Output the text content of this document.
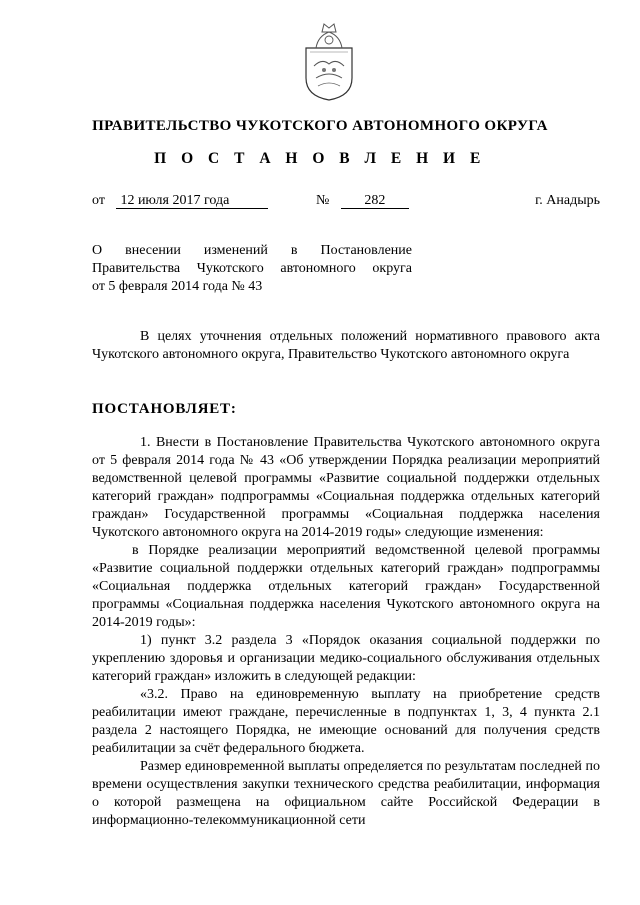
ПРАВИТЕЛЬСТВО ЧУКОТСКОГО АВТОНОМНОГО ОКРУГА
П О С Т А Н О В Л Е Н И Е
от 12 июля 2017 года	№	282	г. Анадырь
О внесении изменений в Постановление
Правительства Чукотского автономного округа
от 5 февраля 2014 года № 43

В целях уточнения отдельных положений нормативного правового акта Чукотского автономного округа, Правительство Чукотского автономного округа

ПОСТАНОВЛЯЕТ:

1. Внести в Постановление Правительства Чукотского автономного округа от 5 февраля 2014 года № 43 «Об утверждении Порядка реализации мероприятий ведомственной целевой программы «Развитие социальной поддержки отдельных категорий граждан» подпрограммы «Социальная поддержка отдельных категорий граждан» Государственной программы «Социальная поддержка населения Чукотского автономного округа на 2014-2019 годы» следующие изменения:

в Порядке реализации мероприятий ведомственной целевой программы «Развитие социальной поддержки отдельных категорий граждан» подпрограммы «Социальная поддержка отдельных категорий граждан» Государственной программы «Социальная поддержка населения Чукотского автономного округа на 2014-2019 годы»:

1) пункт 3.2 раздела 3 «Порядок оказания социальной поддержки по укреплению здоровья и организации медико-социального обслуживания отдельных категорий граждан» изложить в следующей редакции:

«3.2. Право на единовременную выплату на приобретение средств реабилитации имеют граждане, перечисленные в подпунктах 1, 3, 4 пункта 2.1 раздела 2 настоящего Порядка, не имеющие оснований для получения средств реабилитации за счёт федерального бюджета.

Размер единовременной выплаты определяется по результатам последней по времени осуществления закупки технического средства реабилитации, информация о которой размещена на официальном сайте Российской Федерации в информационно-телекоммуникационной сети
